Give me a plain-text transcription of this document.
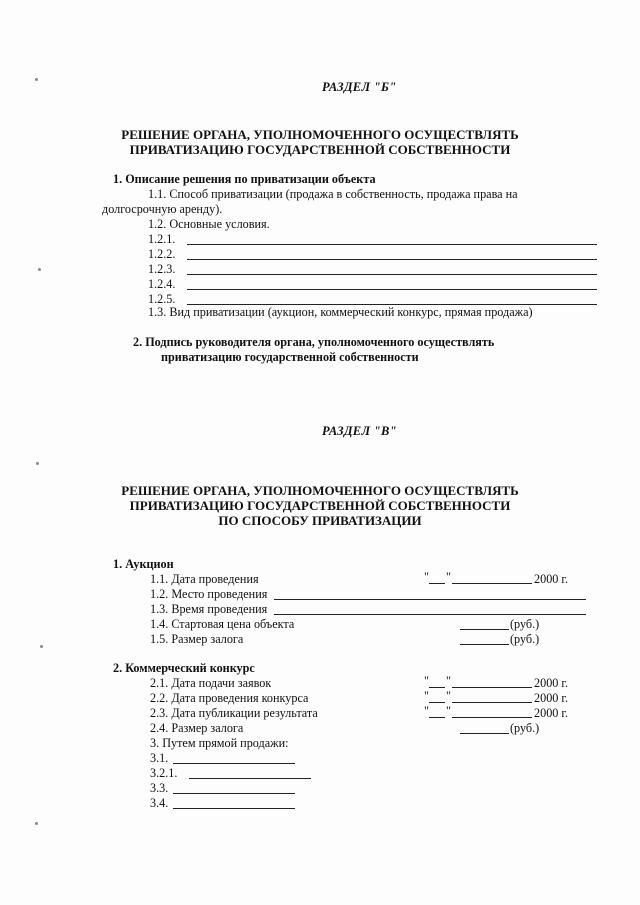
РАЗДЕЛ "Б"
РЕШЕНИЕ ОРГАНА, УПОЛНОМОЧЕННОГО ОСУЩЕСТВЛЯТЬ
ПРИВАТИЗАЦИЮ ГОСУДАРСТВЕННОЙ СОБСТВЕННОСТИ
1. Описание решения по приватизации объекта
1.1. Способ приватизации (продажа в собственность, продажа права на
долгосрочную аренду).
1.2. Основные условия.
1.2.1.
1.2.2.
1.2.3.
1.2.4.
1.2.5.
1.3. Вид приватизации (аукцион, коммерческий конкурс, прямая продажа)
2. Подпись руководителя органа, уполномоченного осуществлять
приватизацию государственной собственности
РАЗДЕЛ "В"
РЕШЕНИЕ ОРГАНА, УПОЛНОМОЧЕННОГО ОСУЩЕСТВЛЯТЬ
ПРИВАТИЗАЦИЮ ГОСУДАРСТВЕННОЙ СОБСТВЕННОСТИ
ПО СПОСОБУ ПРИВАТИЗАЦИИ
1. Аукцион
1.1. Дата проведения	" "	2000 г.
1.2. Место проведения
1.3. Время проведения
1.4. Стартовая цена объекта	(руб.)
1.5. Размер залога	(руб.)
2. Коммерческий конкурс
2.1. Дата подачи заявок	" "	2000 г.
2.2. Дата проведения конкурса	" "	2000 г.
2.3. Дата публикации результата	" "	2000 г.
2.4. Размер залога	(руб.)
3. Путем прямой продажи:
3.1.
3.2.1.
3.3.
3.4.
